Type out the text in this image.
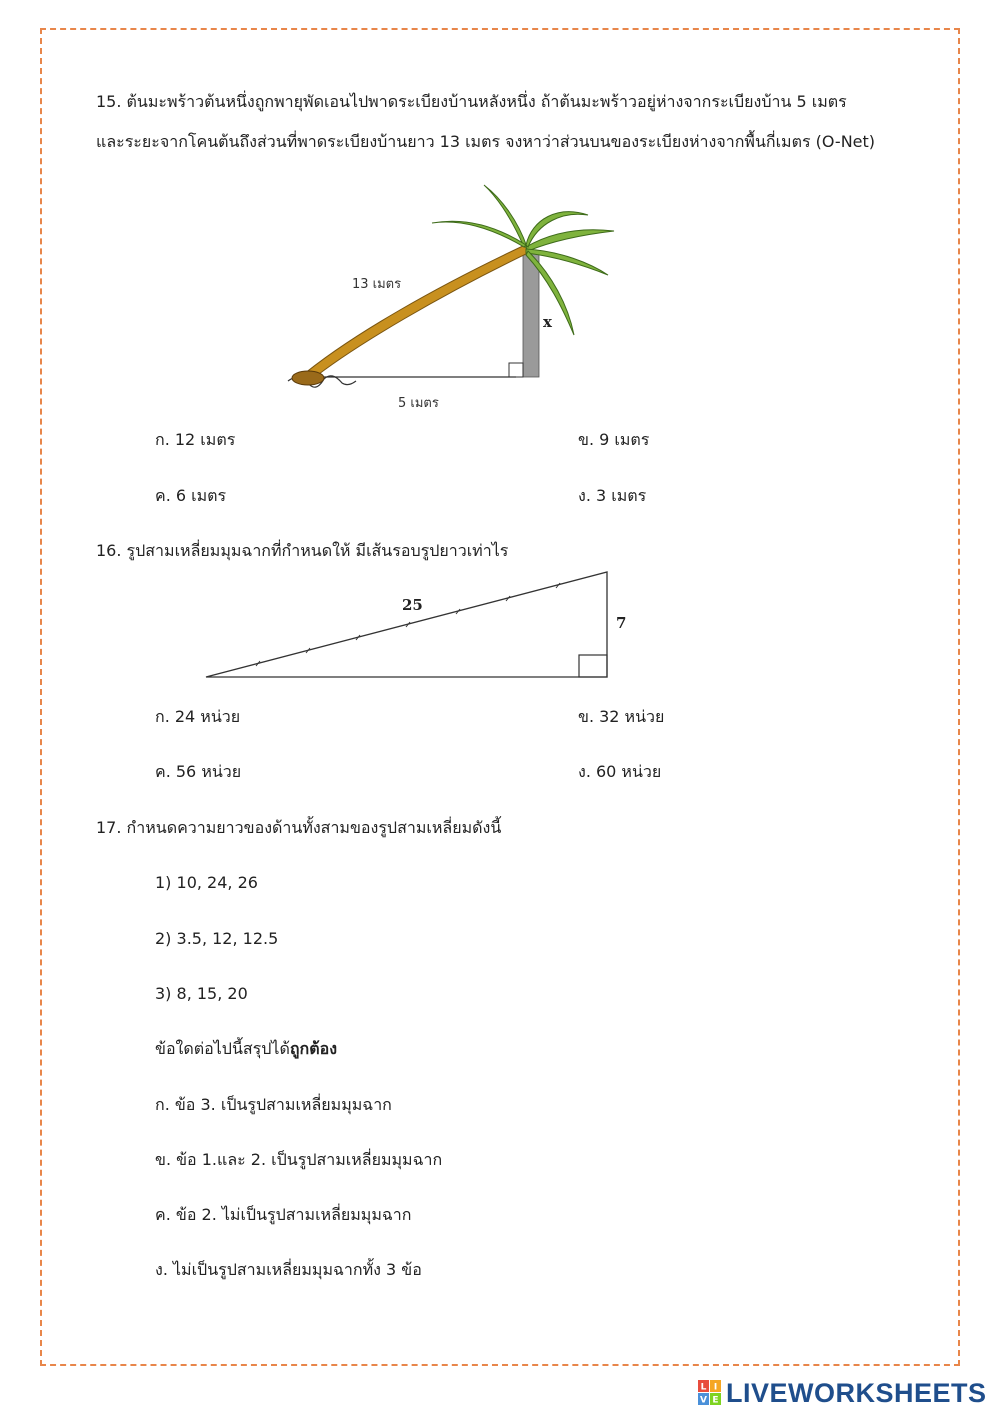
15. ต้นมะพร้าวต้นหนึ่งถูกพายุพัดเอนไปพาดระเบียงบ้านหลังหนึ่ง ถ้าต้นมะพร้าวอยู่ห่างจากระเบียงบ้าน 5 เมตร
และระยะจากโคนต้นถึงส่วนที่พาดระเบียงบ้านยาว 13 เมตร จงหาว่าส่วนบนของระเบียงห่างจากพื้นกี่เมตร (O-Net)
13 เมตร
5 เมตร
x
ก. 12 เมตร	ข. 9 เมตร
ค. 6 เมตร	ง. 3 เมตร
16. รูปสามเหลี่ยมมุมฉากที่กำหนดให้ มีเส้นรอบรูปยาวเท่าไร
25
7
ก. 24 หน่วย	ข. 32 หน่วย
ค. 56 หน่วย	ง. 60 หน่วย
17. กำหนดความยาวของด้านทั้งสามของรูปสามเหลี่ยมดังนี้
1) 10, 24, 26
2) 3.5, 12, 12.5
3) 8, 15, 20
ข้อใดต่อไปนี้สรุปได้ถูกต้อง
ก. ข้อ 3. เป็นรูปสามเหลี่ยมมุมฉาก
ข. ข้อ 1.และ 2. เป็นรูปสามเหลี่ยมมุมฉาก
ค. ข้อ 2. ไม่เป็นรูปสามเหลี่ยมมุมฉาก
ง. ไม่เป็นรูปสามเหลี่ยมมุมฉากทั้ง 3 ข้อ
L I
V E LIVEWORKSHEETS
